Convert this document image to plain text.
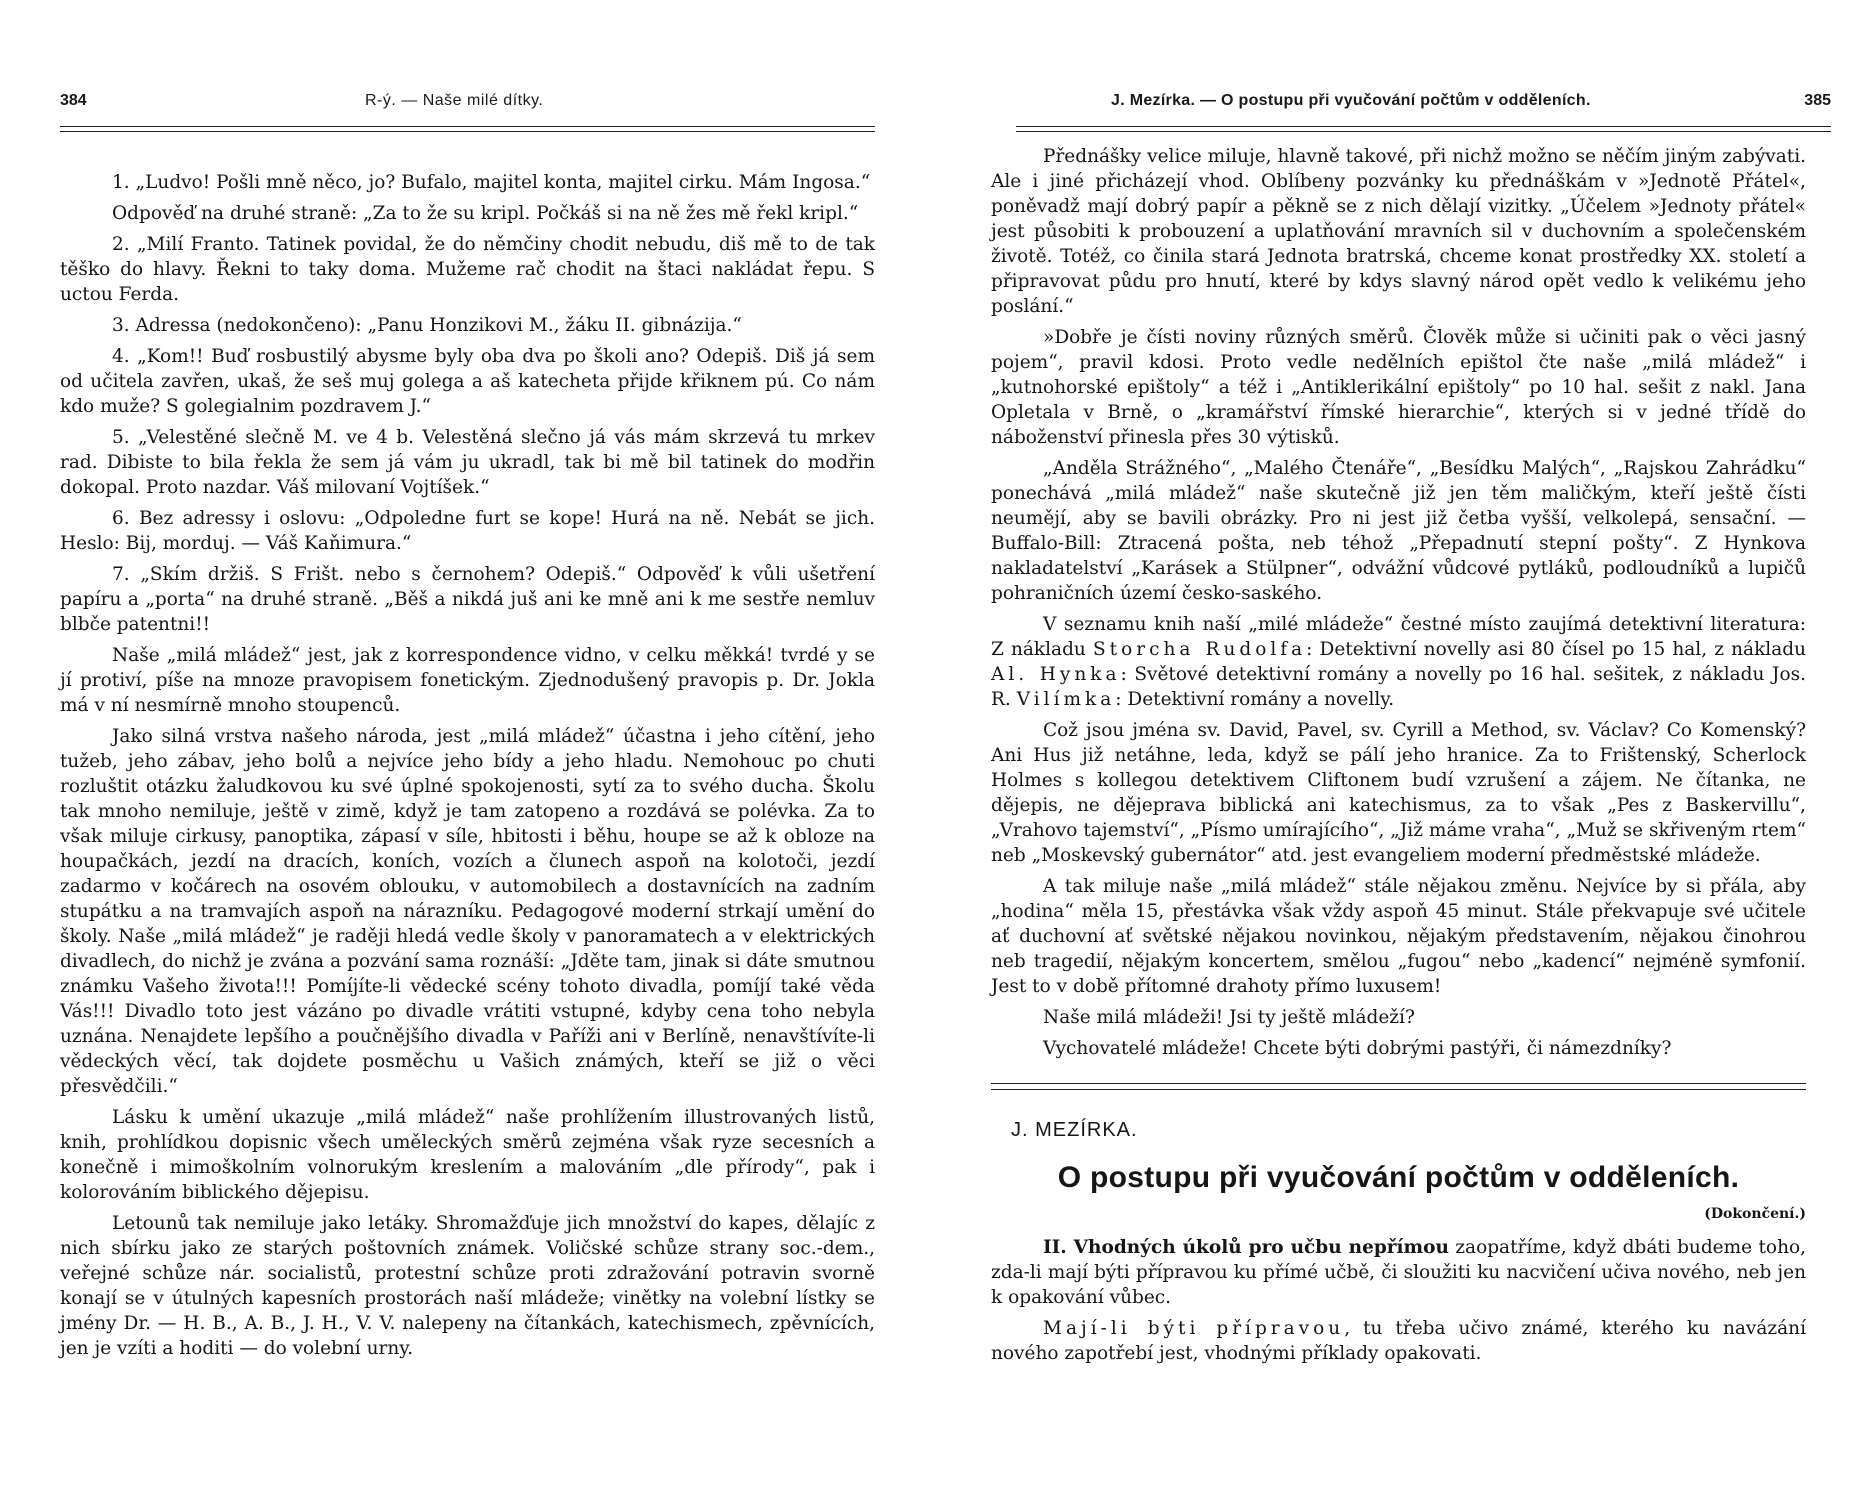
384	R-ý. — Naše milé dítky.

1. „Ludvo! Pošli mně něco, jo? Bufalo, majitel konta, majitel cirku. Mám Ingosa.“

Odpověď na druhé straně: „Za to že su kripl. Počkáš si na ně žes mě řekl kripl.“

2. „Milí Franto. Tatinek povidal, že do němčiny chodit nebudu, diš mě to de tak těško do hlavy. Řekni to taky doma. Mužeme rač chodit na štaci nakládat řepu. S uctou Ferda.

3. Adressa (nedokončeno): „Panu Honzikovi M., žáku II. gibnázija.“

4. „Kom!! Buď rosbustilý abysme byly oba dva po školi ano? Odepiš. Diš já sem od učitela zavřen, ukaš, že seš muj golega a aš katecheta přijde křiknem pú. Co nám kdo muže? S golegialnim pozdravem J.“

5. „Velestěné slečně M. ve 4 b. Velestěná slečno já vás mám skrzevá tu mrkev rad. Dibiste to bila řekla že sem já vám ju ukradl, tak bi mě bil tatinek do modřin dokopal. Proto nazdar. Váš milovaní Vojtíšek.“

6. Bez adressy i oslovu: „Odpoledne furt se kope! Hurá na ně. Nebát se jich. Heslo: Bij, morduj. — Váš Kaňimura.“

7. „Skím držiš. S Frišt. nebo s černohem? Odepiš.“ Odpověď k vůli ušetření papíru a „porta“ na druhé straně. „Běš a nikdá juš ani ke mně ani k me sestře nemluv blbče patentni!!

Naše „milá mládež“ jest, jak z korrespondence vidno, v celku měkká! tvrdé y se jí protiví, píše na mnoze pravopisem fonetickým. Zjednodušený pravopis p. Dr. Jokla má v ní nesmírně mnoho stoupenců.

Jako silná vrstva našeho národa, jest „milá mládež“ účastna i jeho cítění, jeho tužeb, jeho zábav, jeho bolů a nejvíce jeho bídy a jeho hladu. Nemohouc po chuti rozluštit otázku žaludkovou ku své úplné spokojenosti, sytí za to svého ducha. Školu tak mnoho nemiluje, ještě v zimě, když je tam zatopeno a rozdává se polévka. Za to však miluje cirkusy, panoptika, zápasí v síle, hbitosti i běhu, houpe se až k obloze na houpačkách, jezdí na dracích, koních, vozích a člunech aspoň na kolotoči, jezdí zadarmo v kočárech na osovém oblouku, v automobilech a dostavnících na zadním stupátku a na tramvajích aspoň na nárazníku. Pedagogové moderní strkají umění do školy. Naše „milá mládež“ je raději hledá vedle školy v panoramatech a v elektrických divadlech, do nichž je zvána a pozvání sama roznáší: „Jděte tam, jinak si dáte smutnou známku Vašeho života!!! Pomíjíte-li vědecké scény tohoto divadla, pomíjí také věda Vás!!! Divadlo toto jest vázáno po divadle vrátiti vstupné, kdyby cena toho nebyla uznána. Nenajdete lepšího a poučnějšího divadla v Paříži ani v Berlíně, nenavštívíte-li vědeckých věcí, tak dojdete posměchu u Vašich známých, kteří se již o věci přesvědčili.“

Lásku k umění ukazuje „milá mládež“ naše prohlížením illustrovaných listů, knih, prohlídkou dopisnic všech uměleckých směrů zejména však ryze secesních a konečně i mimoškolním volnorukým kreslením a malováním „dle přírody“, pak i kolorováním biblického dějepisu.

Letounů tak nemiluje jako letáky. Shromažďuje jich množství do kapes, dělajíc z nich sbírku jako ze starých poštovních známek. Voličské schůze strany soc.-dem., veřejné schůze nár. socialistů, protestní schůze proti zdražování potravin svorně konají se v útulných kapesních prostorách naší mládeže; vinětky na volební lístky se jmény Dr. — H. B., A. B., J. H., V. V. nalepeny na čítankách, katechismech, zpěvnících, jen je vzíti a hoditi — do volební urny.

J. Mezírka. — O postupu při vyučování počtům v odděleních.	385

Přednášky velice miluje, hlavně takové, při nichž možno se něčím jiným zabývati. Ale i jiné přicházejí vhod. Oblíbeny pozvánky ku přednáškám v »Jednotě Přátel«, poněvadž mají dobrý papír a pěkně se z nich dělají vizitky. „Účelem »Jednoty přátel« jest působiti k probouzení a uplatňování mravních sil v duchovním a společenském životě. Totéž, co činila stará Jednota bratrská, chceme konat prostředky XX. století a připravovat půdu pro hnutí, které by kdys slavný národ opět vedlo k velikému jeho poslání.“

»Dobře je čísti noviny různých směrů. Člověk může si učiniti pak o věci jasný pojem“, pravil kdosi. Proto vedle nedělních epištol čte naše „milá mládež“ i „kutnohorské epištoly“ a též i „Antiklerikální epištoly“ po 10 hal. sešit z nakl. Jana Opletala v Brně, o „kramářství římské hierarchie“, kterých si v jedné třídě do náboženství přinesla přes 30 výtisků.

„Anděla Strážného“, „Malého Čtenáře“, „Besídku Malých“, „Rajskou Zahrádku“ ponechává „milá mládež“ naše skutečně již jen těm maličkým, kteří ještě čísti neumějí, aby se bavili obrázky. Pro ni jest již četba vyšší, velkolepá, sensační. — Buffalo-Bill: Ztracená pošta, neb téhož „Přepadnutí stepní pošty“. Z Hynkova nakladatelství „Karásek a Stülpner“, odvážní vůdcové pytláků, podloudníků a lupičů pohraničních území česko-saského.

V seznamu knih naší „milé mládeže“ čestné místo zaujímá detektivní literatura: Z nákladu Storcha Rudolfa: Detektivní novelly asi 80 čísel po 15 hal, z nákladu Al. Hynka: Světové detektivní romány a novelly po 16 hal. sešitek, z nákladu Jos. R. Vilímka: Detektivní romány a novelly.

Což jsou jména sv. David, Pavel, sv. Cyrill a Method, sv. Václav? Co Komenský? Ani Hus již netáhne, leda, když se pálí jeho hranice. Za to Frištenský, Scherlock Holmes s kollegou detektivem Cliftonem budí vzrušení a zájem. Ne čítanka, ne dějepis, ne dějeprava biblická ani katechismus, za to však „Pes z Baskervillu“, „Vrahovo tajemství“, „Písmo umírajícího“, „Již máme vraha“, „Muž se skřiveným rtem“ neb „Moskevský gubernátor“ atd. jest evangeliem moderní předměstské mládeže.

A tak miluje naše „milá mládež“ stále nějakou změnu. Nejvíce by si přála, aby „hodina“ měla 15, přestávka však vždy aspoň 45 minut. Stále překvapuje své učitele ať duchovní ať světské nějakou novinkou, nějakým představením, nějakou činohrou neb tragedií, nějakým koncertem, smělou „fugou“ nebo „kadencí“ nejméně symfonií. Jest to v době přítomné drahoty přímo luxusem!

Naše milá mládeži! Jsi ty ještě mládeží?

Vychovatelé mládeže! Chcete býti dobrými pastýři, či námezdníky?

J. MEZÍRKA.
O postupu při vyučování počtům v odděleních.
(Dokončení.)

II. Vhodných úkolů pro učbu nepřímou zaopatříme, když dbáti budeme toho, zda-li mají býti přípravou ku přímé učbě, či sloužiti ku nacvičení učiva nového, neb jen k opakování vůbec.

Mají-li býti přípravou, tu třeba učivo známé, kterého ku navázání nového zapotřebí jest, vhodnými příklady opakovati.
